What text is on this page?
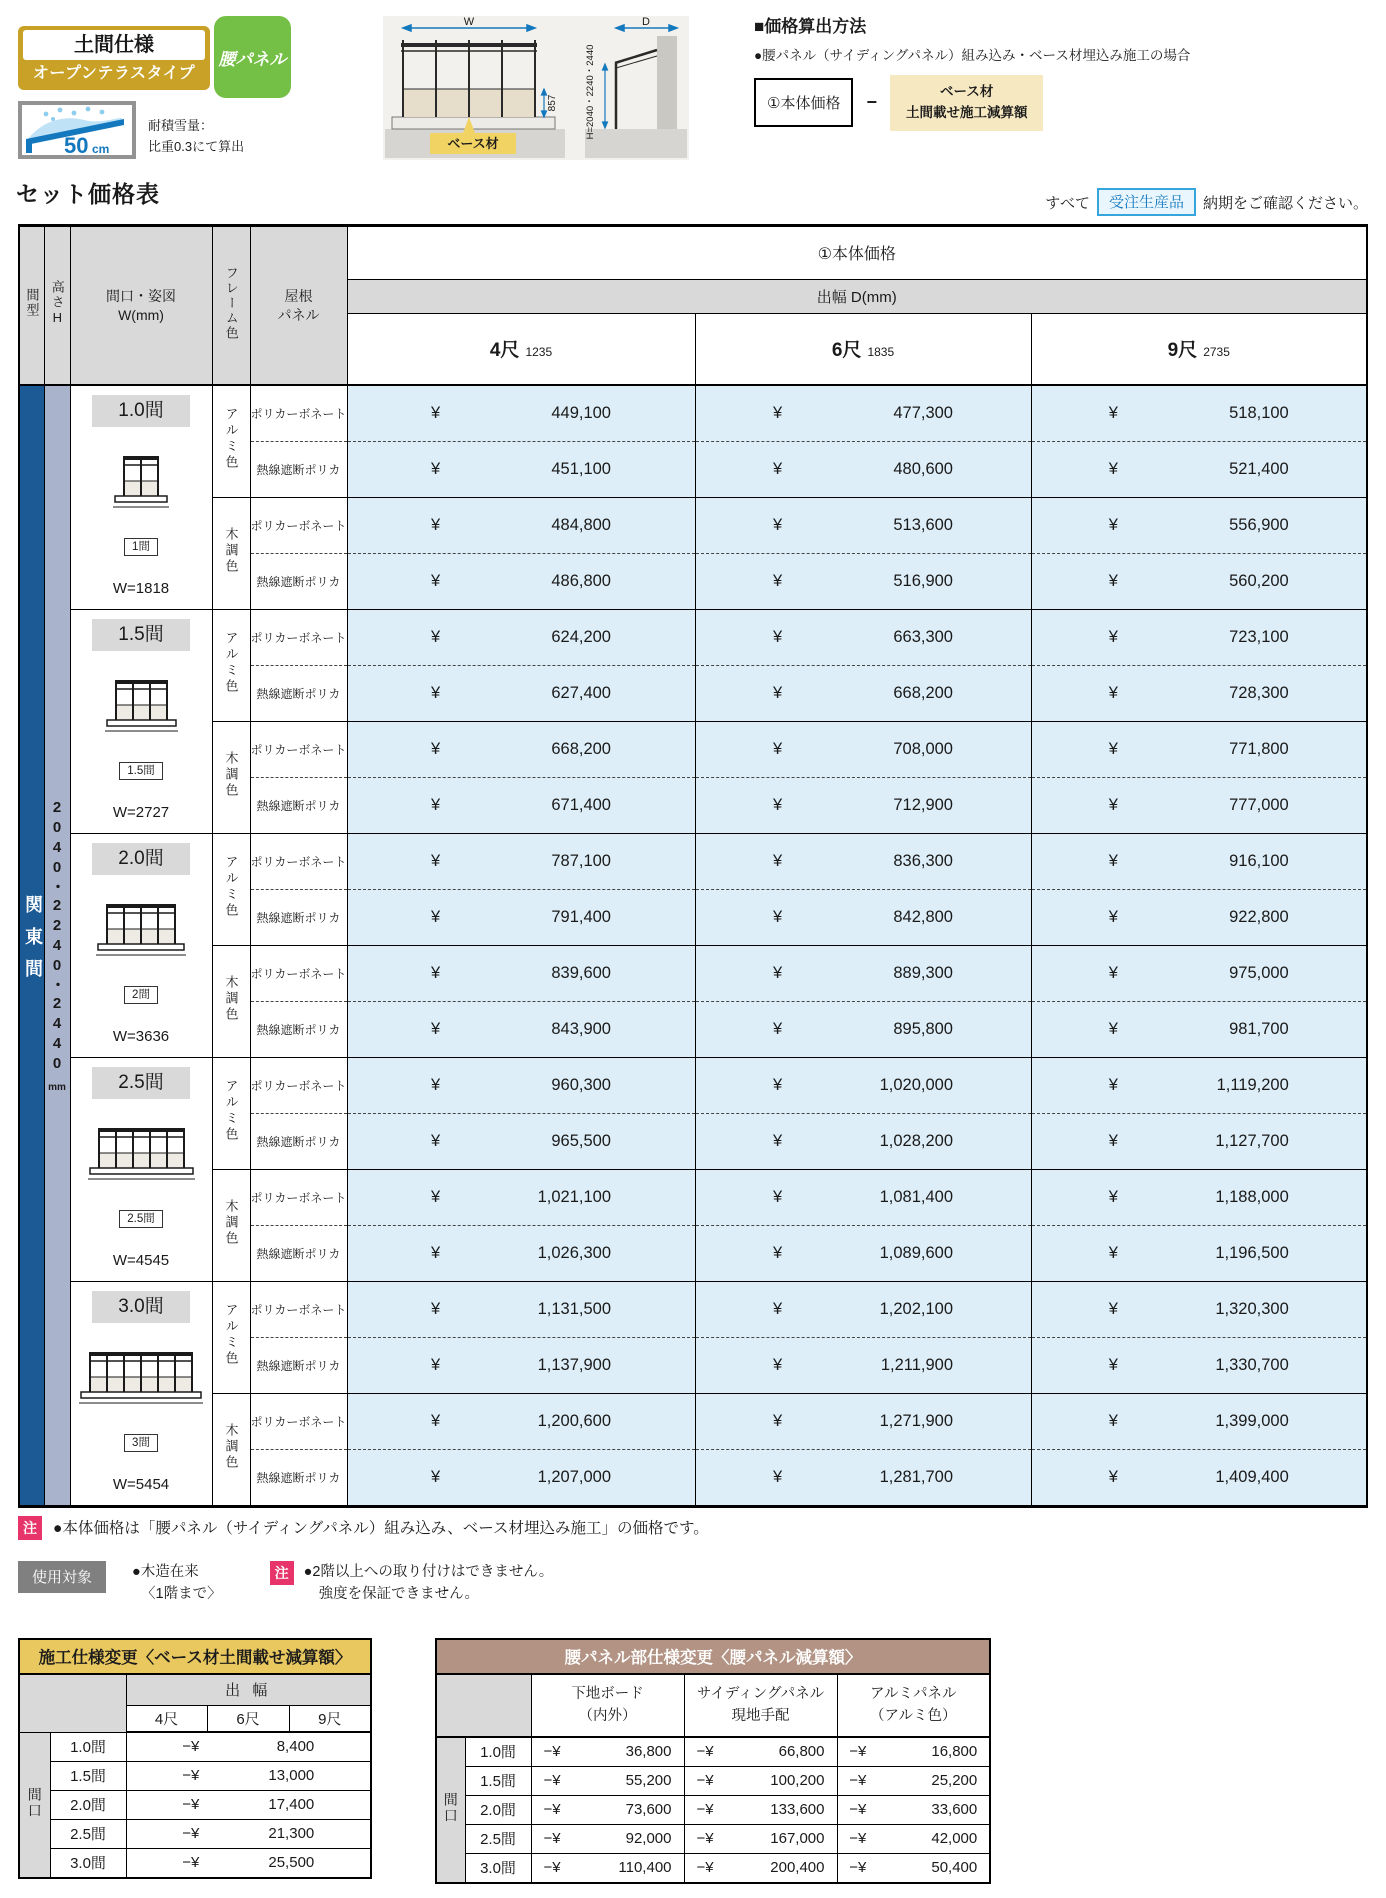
土間仕様
オープンテラスタイプ
腰パネル
50 cm
耐積雪量：
比重0.3にて算出
W
857
ベース材
D
H=2040・2240・2440
■価格算出方法
●腰パネル（サイディングパネル）組み込み・ベース材埋込み施工の場合
①本体価格	−
ベース材
土間載せ施工減算額
セット価格表	すべて	受注生産品	納期をご確認ください。
間型	高さH	間口・姿図
W(mm)	フレーム色	屋根
パネル
	①本体価格
					出幅 D(mm)		
					4尺 1235	6尺 1835	9尺 2735
関東間	2040・2240・2440
mm

1.0間
1間
W=1818
	アルミ色	ポリカーボネート	¥	449,100	¥	477,300	¥	518,100

				熱線遮断ポリカ	¥ 451,100	¥ 480,600	¥ 521,400

			木調色	ポリカーボネート	¥ 484,800	¥ 513,600	¥ 556,900

				熱線遮断ポリカ	¥ 486,800	¥ 516,900	¥ 560,200

1.5間
1.5間
W=2727
	アルミ色	ポリカーボネート	¥	624,200	¥	663,300	¥	723,100

				熱線遮断ポリカ	¥ 627,400	¥ 668,200	¥ 728,300

			木調色	ポリカーボネート	¥ 668,200	¥ 708,000	¥ 771,800

				熱線遮断ポリカ	¥ 671,400	¥ 712,900	¥ 777,000

2.0間
2間
W=3636
	アルミ色	ポリカーボネート	¥	787,100	¥	836,300	¥	916,100

				熱線遮断ポリカ	¥ 791,400	¥ 842,800	¥ 922,800

			木調色	ポリカーボネート	¥ 839,600	¥ 889,300	¥ 975,000

				熱線遮断ポリカ	¥ 843,900	¥ 895,800	¥ 981,700

2.5間
2.5間
W=4545
	アルミ色	ポリカーボネート	¥	960,300	¥	1,020,000	¥	1,119,200

				熱線遮断ポリカ	¥ 965,500	¥ 1,028,200	¥ 1,127,700

			木調色	ポリカーボネート	¥ 1,021,100	¥ 1,081,400	¥ 1,188,000

				熱線遮断ポリカ	¥ 1,026,300	¥ 1,089,600	¥ 1,196,500

3.0間
3間
W=5454
	アルミ色	ポリカーボネート	¥	1,131,500	¥	1,202,100	¥	1,320,300

				熱線遮断ポリカ	¥ 1,137,900	¥ 1,211,900	¥ 1,330,700

			木調色	ポリカーボネート	¥ 1,200,600	¥ 1,271,900	¥ 1,399,000

				熱線遮断ポリカ	¥ 1,207,000	¥ 1,281,700	¥ 1,409,400
注	●本体価格は「腰パネル（サイディングパネル）組み込み、ベース材埋込み施工」の価格です。
使用対象	●木造在来
〈1階まで〉
注	●2階以上への取り付けはできません。
強度を保証できません。
施工仕様変更〈ベース材土間載せ減算額〉
		出 幅		
		4尺	6尺	9尺
間口	1.0間	−¥ 8,400		

	1.5間	−¥ 13,000		

	2.0間	−¥ 17,400		

	2.5間	−¥ 21,300		

	3.0間	−¥ 25,500		
腰パネル部仕様変更〈腰パネル減算額〉

下地ボード
（内外）

サイディングパネル
現地手配

アルミパネル
（アルミ色）

間口	1.0間	−¥ 36,800	−¥ 66,800	−¥ 16,800

	1.5間	−¥ 55,200	−¥ 100,200	−¥ 25,200

	2.0間	−¥ 73,600	−¥ 133,600	−¥ 33,600

	2.5間	−¥ 92,000	−¥ 167,000	−¥ 42,000

	3.0間	−¥ 110,400	−¥ 200,400	−¥ 50,400
